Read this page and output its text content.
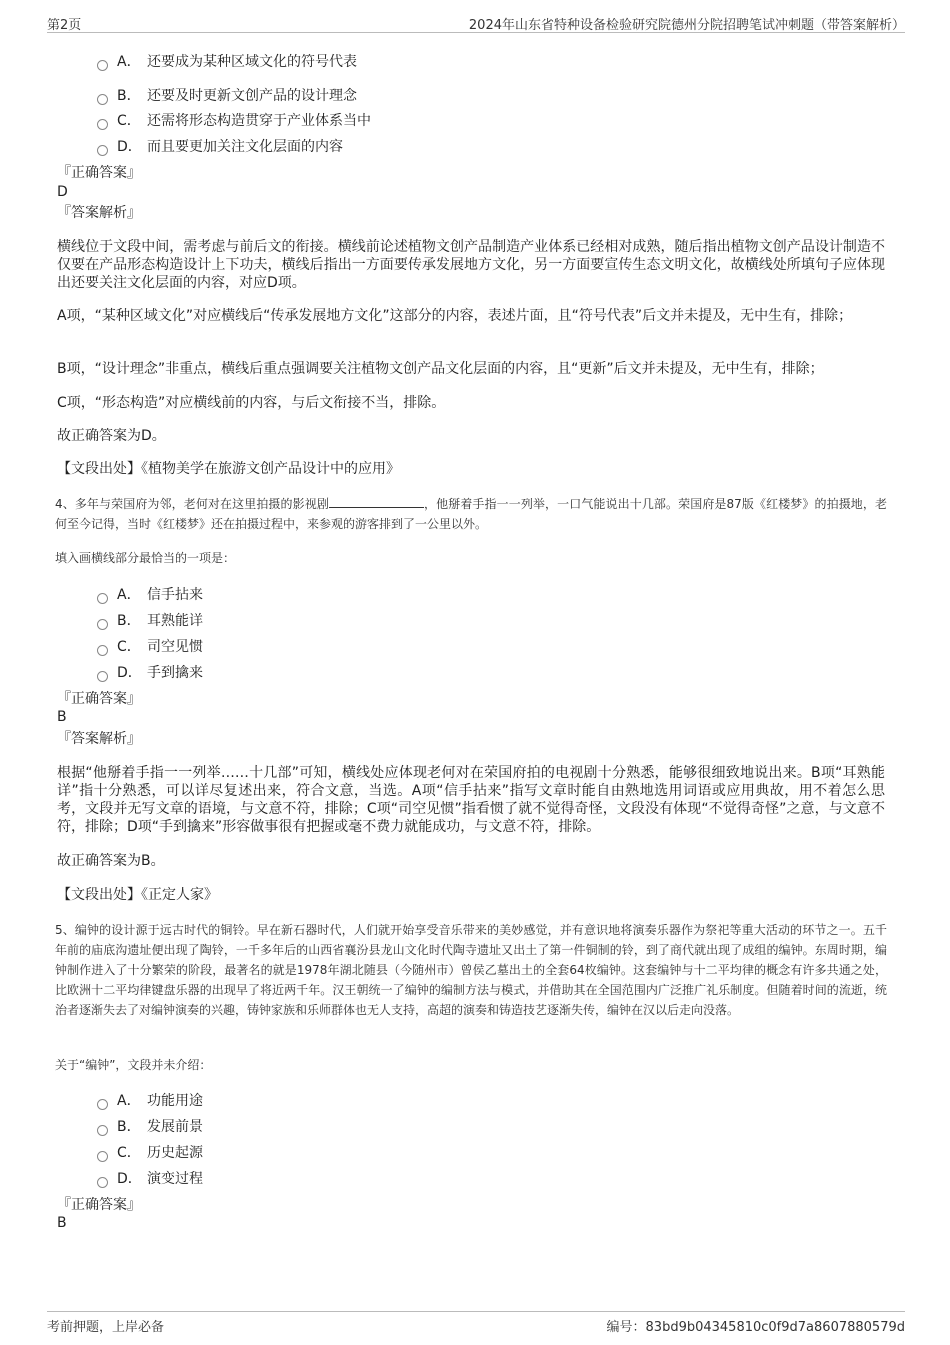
第2页	2024年山东省特种设备检验研究院德州分院招聘笔试冲刺题（带答案解析）
A． 还要成为某种区域文化的符号代表
B． 还要及时更新文创产品的设计理念
C． 还需将形态构造贯穿于产业体系当中
D． 而且要更加关注文化层面的内容
『正确答案』
D
『答案解析』
横线位于文段中间，需考虑与前后文的衔接。横线前论述植物文创产品制造产业体系已经相对成熟，随后指出植物文创产品设计制造不仅要在产品形态构造设计上下功夫，横线后指出一方面要传承发展地方文化，另一方面要宣传生态文明文化，故横线处所填句子应体现出还要关注文化层面的内容，对应D项。
A项，“某种区域文化”对应横线后“传承发展地方文化”这部分的内容，表述片面，且“符号代表”后文并未提及，无中生有，排除；
B项，“设计理念”非重点，横线后重点强调要关注植物文创产品文化层面的内容，且“更新”后文并未提及，无中生有，排除；
C项，“形态构造”对应横线前的内容，与后文衔接不当，排除。
故正确答案为D。
【文段出处】《植物美学在旅游文创产品设计中的应用》
4、多年与荣国府为邻，老何对在这里拍摄的影视剧	，他掰着手指一一列举，一口气能说出十几部。荣国府是87版《红楼梦》的拍摄地，老何至今记得，当时《红楼梦》还在拍摄过程中，来参观的游客排到了一公里以外。
填入画横线部分最恰当的一项是：
A． 信手拈来
B． 耳熟能详
C． 司空见惯
D． 手到擒来
『正确答案』
B
『答案解析』
根据“他掰着手指一一列举……十几部”可知，横线处应体现老何对在荣国府拍的电视剧十分熟悉，能够很细致地说出来。B项“耳熟能详”指十分熟悉，可以详尽复述出来，符合文意，当选。A项“信手拈来”指写文章时能自由熟地选用词语或应用典故，用不着怎么思考，文段并无写文章的语境，与文意不符，排除；C项“司空见惯”指看惯了就不觉得奇怪，文段没有体现“不觉得奇怪”之意，与文意不符，排除；D项“手到擒来”形容做事很有把握或毫不费力就能成功，与文意不符，排除。
故正确答案为B。
【文段出处】《正定人家》
5、编钟的设计源于远古时代的铜铃。早在新石器时代，人们就开始享受音乐带来的美妙感觉，并有意识地将演奏乐器作为祭祀等重大活动的环节之一。五千年前的庙底沟遗址便出现了陶铃，一千多年后的山西省襄汾县龙山文化时代陶寺遗址又出土了第一件铜制的铃，到了商代就出现了成组的编钟。东周时期，编钟制作进入了十分繁荣的阶段，最著名的就是1978年湖北随县（今随州市）曾侯乙墓出土的全套64枚编钟。这套编钟与十二平均律的概念有许多共通之处，比欧洲十二平均律键盘乐器的出现早了将近两千年。汉王朝统一了编钟的编制方法与模式，并借助其在全国范围内广泛推广礼乐制度。但随着时间的流逝，统治者逐渐失去了对编钟演奏的兴趣，铸钟家族和乐师群体也无人支持，高超的演奏和铸造技艺逐渐失传，编钟在汉以后走向没落。
关于“编钟”，文段并未介绍：
A． 功能用途
B． 发展前景
C． 历史起源
D． 演变过程
『正确答案』
B
考前押题，上岸必备	编号：83bd9b04345810c0f9d7a8607880579d
